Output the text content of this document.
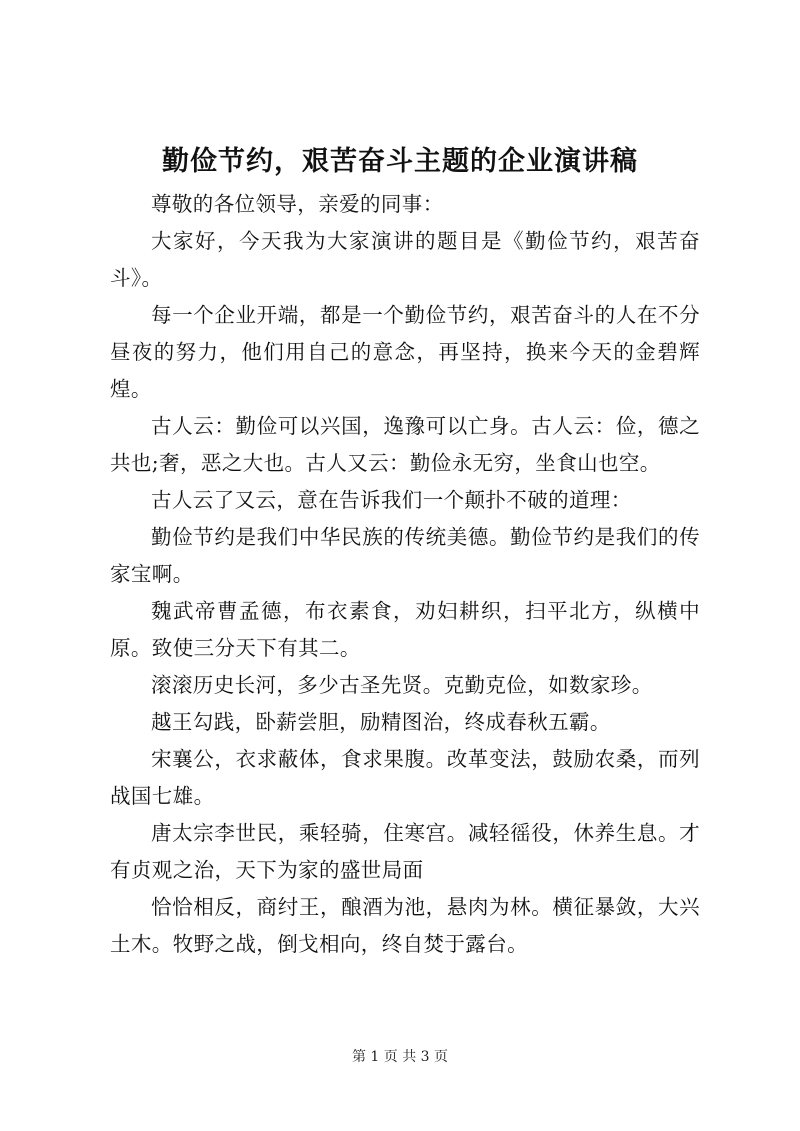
勤俭节约，艰苦奋斗主题的企业演讲稿

尊敬的各位领导，亲爱的同事：

大家好，今天我为大家演讲的题目是《勤俭节约，艰苦奋斗》。

每一个企业开端，都是一个勤俭节约，艰苦奋斗的人在不分昼夜的努力，他们用自己的意念，再坚持，换来今天的金碧辉煌。

古人云：勤俭可以兴国，逸豫可以亡身。古人云：俭，德之共也;奢，恶之大也。古人又云：勤俭永无穷，坐食山也空。

古人云了又云，意在告诉我们一个颠扑不破的道理：

勤俭节约是我们中华民族的传统美德。勤俭节约是我们的传家宝啊。

魏武帝曹孟德，布衣素食，劝妇耕织，扫平北方，纵横中原。致使三分天下有其二。

滚滚历史长河，多少古圣先贤。克勤克俭，如数家珍。

越王勾践，卧薪尝胆，励精图治，终成春秋五霸。

宋襄公，衣求蔽体，食求果腹。改革变法，鼓励农桑，而列战国七雄。

唐太宗李世民，乘轻骑，住寒宫。减轻徭役，休养生息。才有贞观之治，天下为家的盛世局面

恰恰相反，商纣王，酿酒为池，悬肉为林。横征暴敛，大兴土木。牧野之战，倒戈相向，终自焚于露台。

第 1 页 共 3 页
